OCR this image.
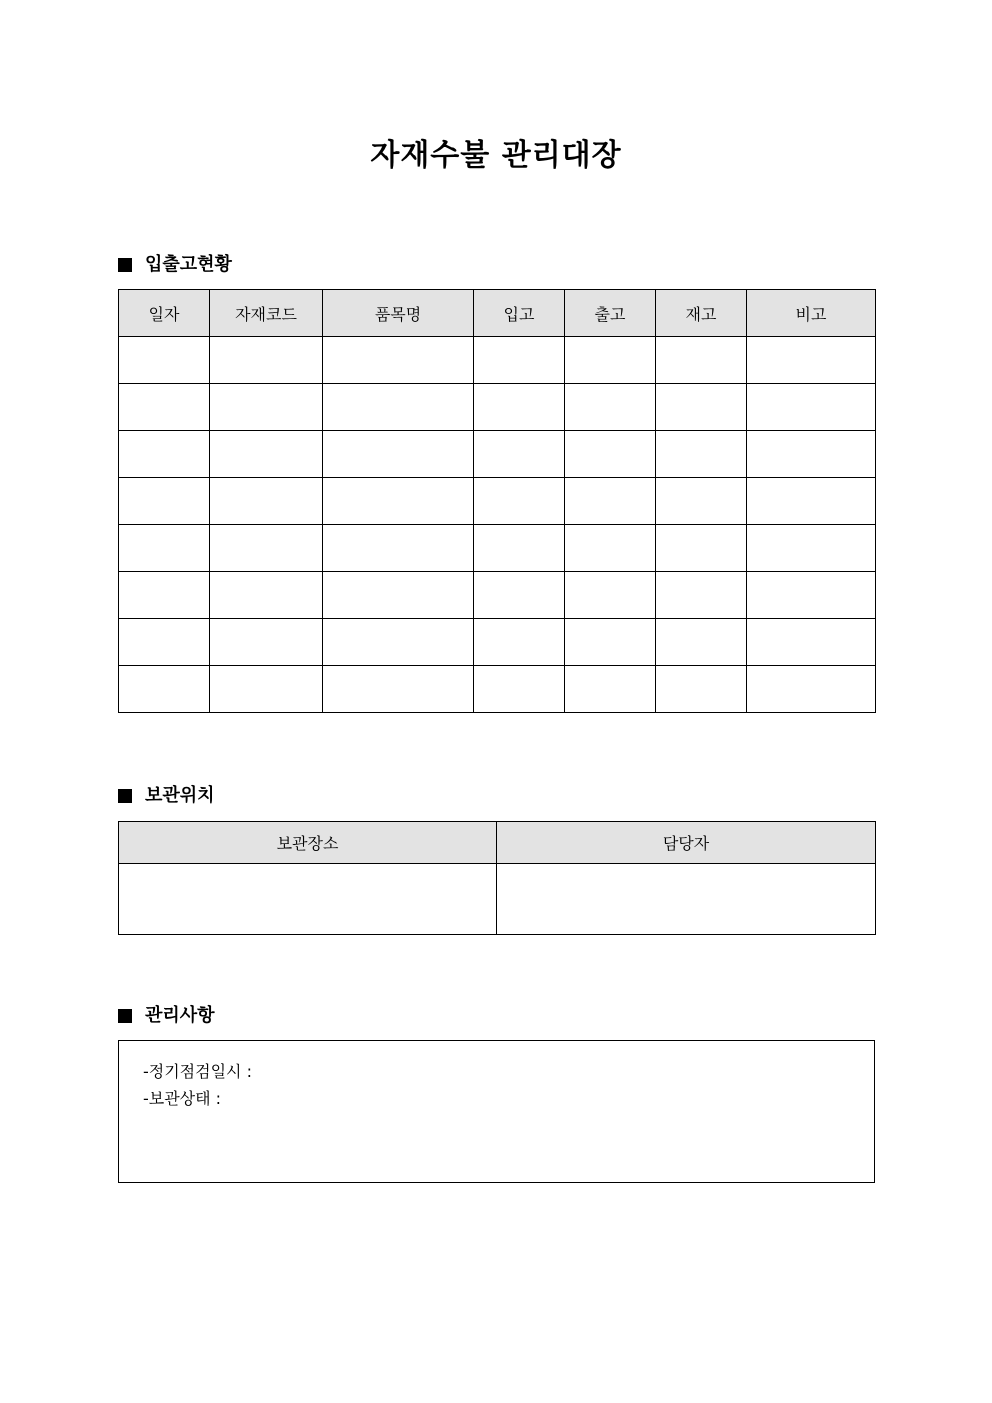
자재수불 관리대장
입출고현황
일자	자재코드	품목명	입고	출고	재고	비고

보관위치
보관장소	담당자

관리사항
-정기점검일시 :
-보관상태 :
